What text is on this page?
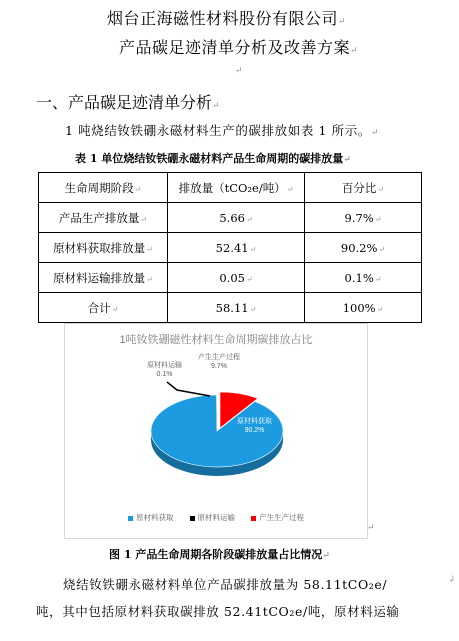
烟台正海磁性材料股份有限公司↵
产品碳足迹清单分析及改善方案↵
↵
一、产品碳足迹清单分析↵
1 吨烧结钕铁硼永磁材料生产的碳排放如表 1 所示。↵
表 1 单位烧结钕铁硼永磁材料产品生命周期的碳排放量↵
生命周期阶段↵	排放量（tCO₂e/吨）↵	百分比↵
产品生产排放量↵	5.66↵	9.7%↵
原材料获取排放量↵	52.41↵	90.2%↵
原材料运输排放量↵	0.05↵	0.1%↵
合计↵	58.11↵	100%↵
1吨钕铁硼磁性材料生命周期碳排放占比
原材料运输
0.1%
产生生产过程
9.7%
原材料获取
90.2%
原材料获取	原材料运输	产生生产过程
↵
图 1 产品生命周期各阶段碳排放量占比情况↵
烧结钕铁硼永磁材料单位产品碳排放量为 58.11tCO₂e/	↲
吨，其中包括原材料获取碳排放 52.41tCO₂e/吨，原材料运输
